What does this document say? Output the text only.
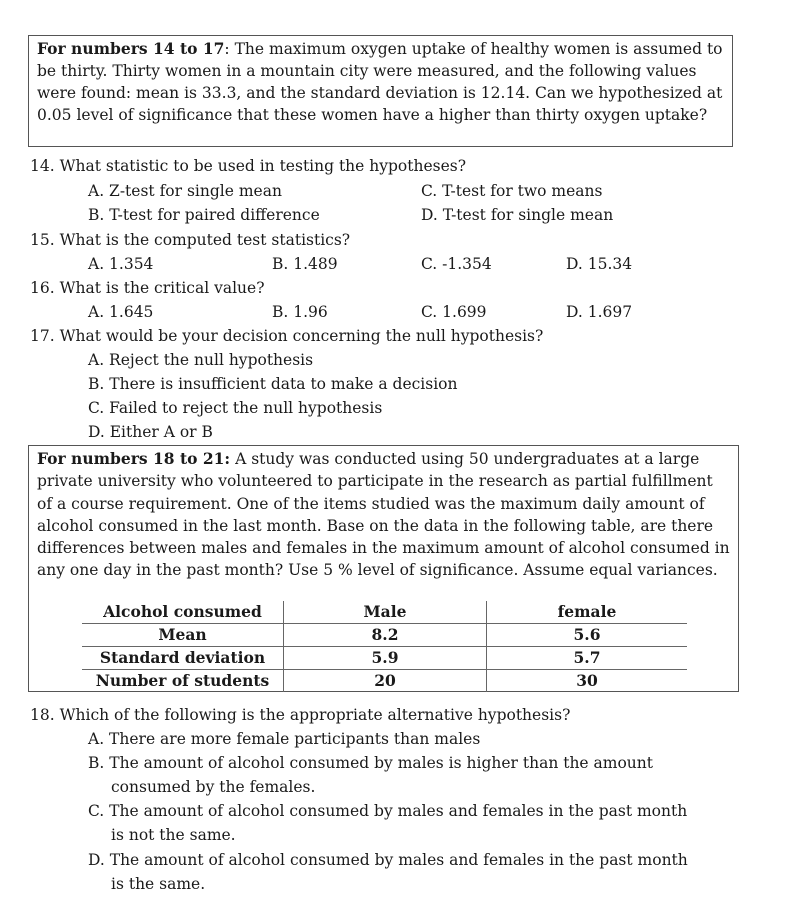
For numbers 14 to 17: The maximum oxygen uptake of healthy women is assumed to be thirty. Thirty women in a mountain city were measured, and the following values were found: mean is 33.3, and the standard deviation is 12.14. Can we hypothesized at 0.05 level of significance that these women have a higher than thirty oxygen uptake?
14. What statistic to be used in testing the hypotheses?
A. Z-test for single mean
B. T-test for paired difference
C. T-test for two means
D. T-test for single mean
15. What is the computed test statistics?
A. 1.354	B. 1.489	C. -1.354	D. 15.34
16. What is the critical value?
A. 1.645	B. 1.96	C. 1.699	D. 1.697
17. What would be your decision concerning the null hypothesis?
A. Reject the null hypothesis
B. There is insufficient data to make a decision
C. Failed to reject the null hypothesis
D. Either A or B
For numbers 18 to 21: A study was conducted using 50 undergraduates at a large private university who volunteered to participate in the research as partial fulfillment of a course requirement. One of the items studied was the maximum daily amount of alcohol consumed in the last month. Base on the data in the following table, are there differences between males and females in the maximum amount of alcohol consumed in any one day in the past month? Use 5 % level of significance. Assume equal variances.
Alcohol consumed	Male	female
Mean	8.2	5.6
Standard deviation	5.9	5.7
Number of students	20	30
18. Which of the following is the appropriate alternative hypothesis?
A. There are more female participants than males
B. The amount of alcohol consumed by males is higher than the amount
consumed by the females.
C. The amount of alcohol consumed by males and females in the past month
is not the same.
D. The amount of alcohol consumed by males and females in the past month
is the same.
